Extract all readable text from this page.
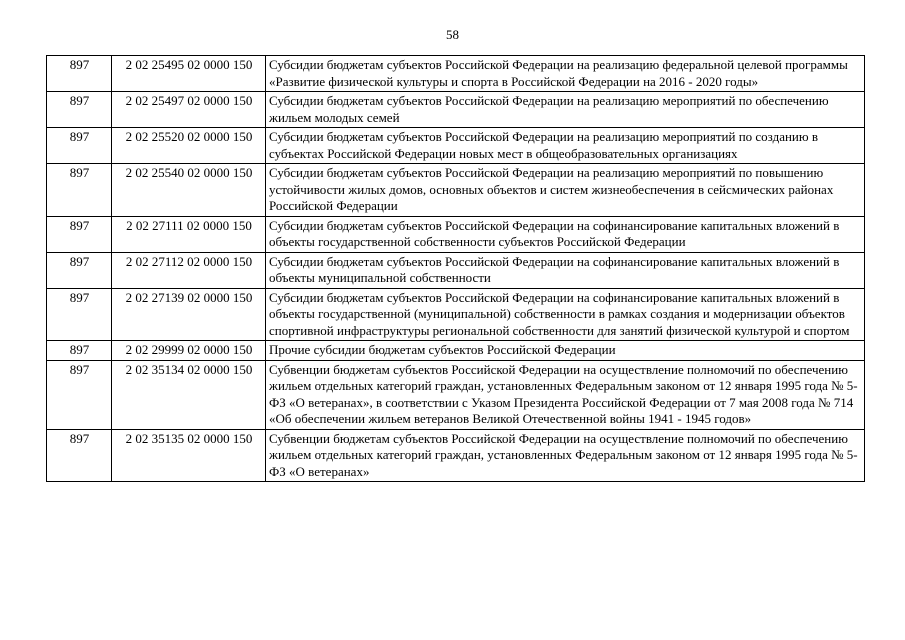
58
897	2 02 25495 02 0000 150	Субсидии бюджетам субъектов Российской Федерации на реализацию федеральной целевой программы «Развитие физической культуры и спорта в Российской Федерации на 2016 - 2020 годы»
897	2 02 25497 02 0000 150	Субсидии бюджетам субъектов Российской Федерации на реализацию мероприятий по обеспечению жильем молодых семей
897	2 02 25520 02 0000 150	Субсидии бюджетам субъектов Российской Федерации на реализацию мероприятий по созданию в субъектах Российской Федерации новых мест в общеобразовательных организациях
897	2 02 25540 02 0000 150	Субсидии бюджетам субъектов Российской Федерации на реализацию мероприятий по повышению устойчивости жилых домов, основных объектов и систем жизнеобеспечения в сейсмических районах Российской Федерации
897	2 02 27111 02 0000 150	Субсидии бюджетам субъектов Российской Федерации на софинансирование капитальных вложений в объекты государственной собственности субъектов Российской Федерации
897	2 02 27112 02 0000 150	Субсидии бюджетам субъектов Российской Федерации на софинансирование капитальных вложений в объекты муниципальной собственности
897	2 02 27139 02 0000 150	Субсидии бюджетам субъектов Российской Федерации на софинансирование капитальных вложений в объекты государственной (муниципальной) собственности в рамках создания и модернизации объектов спортивной инфраструктуры региональной собственности для занятий физической культурой и спортом
897	2 02 29999 02 0000 150	Прочие субсидии бюджетам субъектов Российской Федерации
897	2 02 35134 02 0000 150	Субвенции бюджетам субъектов Российской Федерации на осуществление полномочий по обеспечению жильем отдельных категорий граждан, установленных Федеральным законом от 12 января 1995 года № 5-ФЗ «О ветеранах», в соответствии с Указом Президента Российской Федерации от 7 мая 2008 года № 714 «Об обеспечении жильем ветеранов Великой Отечественной войны 1941 - 1945 годов»
897	2 02 35135 02 0000 150	Субвенции бюджетам субъектов Российской Федерации на осуществление полномочий по обеспечению жильем отдельных категорий граждан, установленных Федеральным законом от 12 января 1995 года № 5-ФЗ «О ветеранах»
